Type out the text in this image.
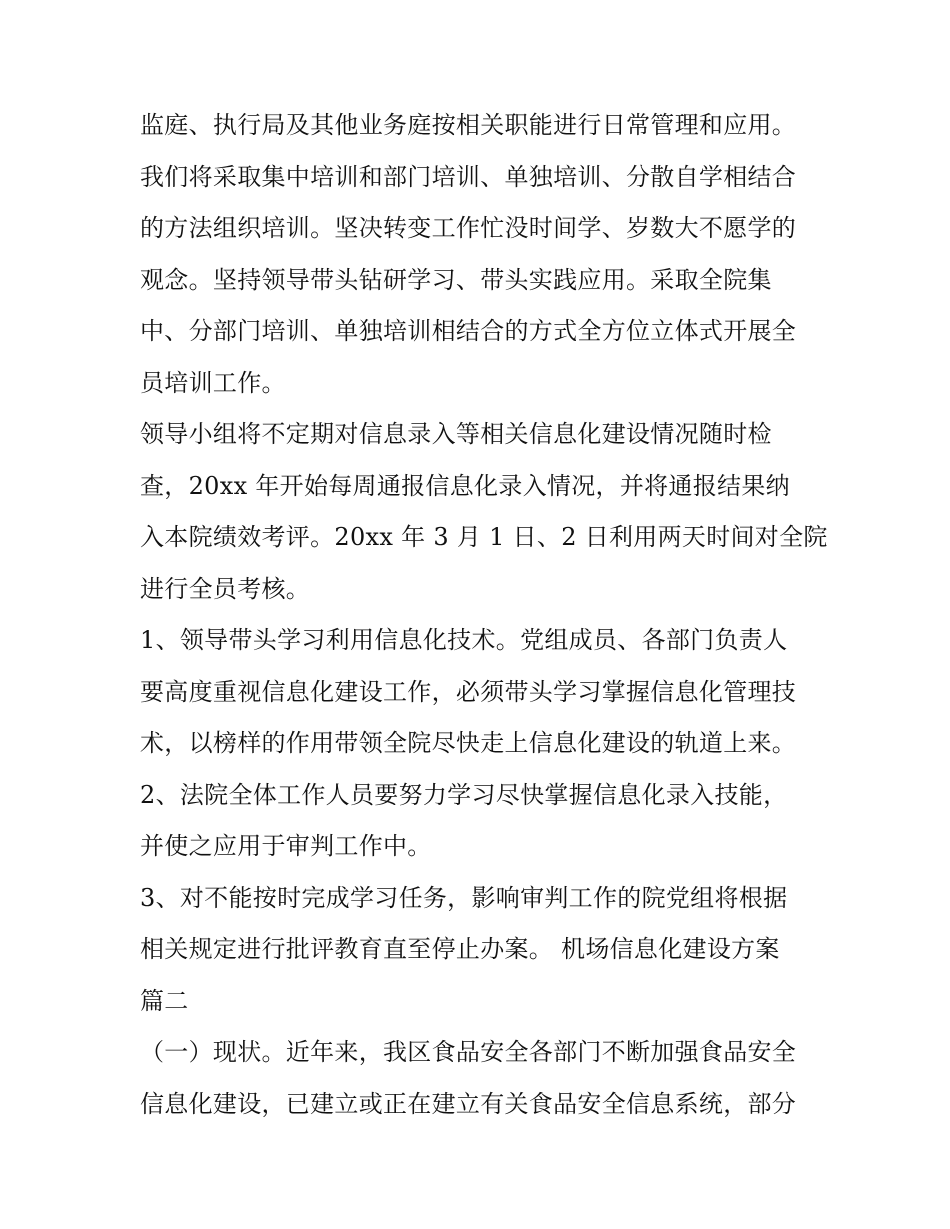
监庭、执行局及其他业务庭按相关职能进行日常管理和应用。
我们将采取集中培训和部门培训、单独培训、分散自学相结合
的方法组织培训。坚决转变工作忙没时间学、岁数大不愿学的
观念。坚持领导带头钻研学习、带头实践应用。采取全院集
中、分部门培训、单独培训相结合的方式全方位立体式开展全
员培训工作。
领导小组将不定期对信息录入等相关信息化建设情况随时检
查，20xx 年开始每周通报信息化录入情况，并将通报结果纳
入本院绩效考评。20xx 年 3 月 1 日、2 日利用两天时间对全院
进行全员考核。
1、领导带头学习利用信息化技术。党组成员、各部门负责人
要高度重视信息化建设工作，必须带头学习掌握信息化管理技
术，以榜样的作用带领全院尽快走上信息化建设的轨道上来。
2、法院全体工作人员要努力学习尽快掌握信息化录入技能，
并使之应用于审判工作中。
3、对不能按时完成学习任务，影响审判工作的院党组将根据
相关规定进行批评教育直至停止办案。 机场信息化建设方案
篇二
（一）现状。近年来，我区食品安全各部门不断加强食品安全
信息化建设，已建立或正在建立有关食品安全信息系统，部分
